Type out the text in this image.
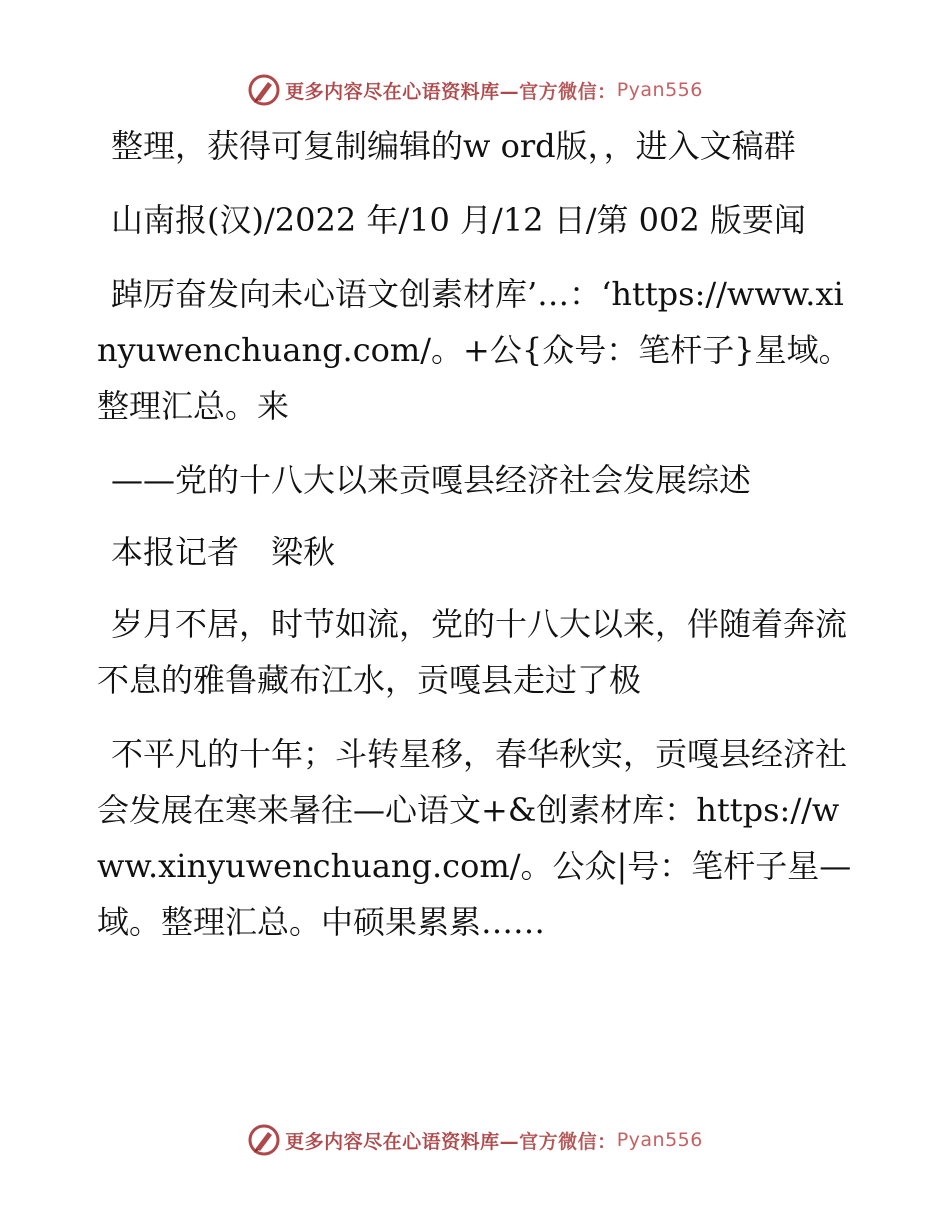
更多内容尽在心语资料库— 官方微信： Pyan556

整理，获得可复制编辑的w ord版，，进入文稿群

山南报(汉)/2022 年/10 月/12 日/第 002 版要闻

踔厉奋发向未心语文创素材库’…：‘https://www.xinyuwenchuang.com/。+公{众号：笔杆子}星域。整理汇总。来

——党的十八大以来贡嘎县经济社会发展综述

本报记者　梁秋

岁月不居，时节如流，党的十八大以来，伴随着奔流不息的雅鲁藏布江水，贡嘎县走过了极

不平凡的十年；斗转星移，春华秋实，贡嘎县经济社会发展在寒来暑往—心语文+&创素材库：https://www.xinyuwenchuang.com/。公众|号：笔杆子星—域。整理汇总。中硕果累累……

更多内容尽在心语资料库— 官方微信： Pyan556
